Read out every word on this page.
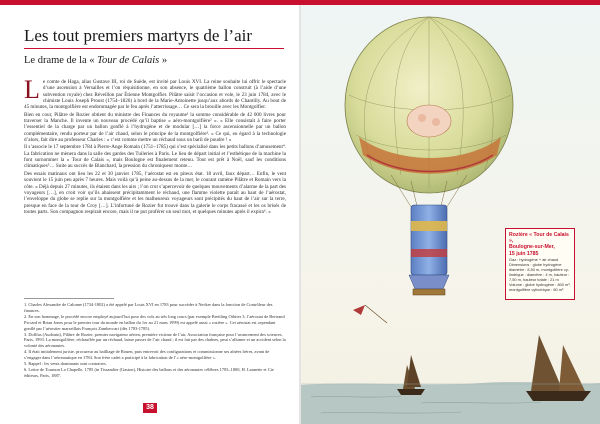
Les tout premiers martyrs de l’air
Le drame de la « Tour de Calais »

Le comte de Haga, alias Gustave III, roi de Suède, est invité par Louis XVI. La reine souhaite lui offrir le spectacle d’une ascension à Versailles et l’on réquisitionne, en son absence, le quatrième ballon construit (à l’aide d’une subvention royale) chez Réveillon par Étienne Montgolfier. Pilâtre saisit l’occasion et vole, le 23 juin 1784, avec le chimiste Louis Joseph Proust (1754–1826) à bord de la Marie-Antoinette jusqu’aux abords de Chantilly. Au bout de 45 minutes, la montgolfière est endommagée par le feu après l’atterrissage… Ce sera la brouille avec les Montgolfier.

Bien en cour, Pilâtre de Rozier obtient du ministre des Finances du royaume¹ la somme considérable de 42 000 livres pour traverser la Manche. Il invente un nouveau procédé qu’il baptise « aéro-montgolfière² ». « Elle consistait à faire porter l’essentiel de la charge par un ballon gonflé à l’hydrogène et de modular […] la force ascensionnelle par un ballon complémentaire, rendu porteur par de l’air chaud, selon le principe de la montgolfière³. » Ce qui, eu égard à la technologie d’alors, fait dire au professeur Charles : « c’est comme mettre un réchaud sous un baril de poudre ! »

Il s’associe le 17 septembre 1784 à Pierre-Ange Romain (1751–1785) qui s’est spécialisé dans les petits ballons d’amusement⁴. La fabrication ne mènera dans la salle des gardes des Tuileries à Paris. Le lieu de départ initial et l’esthétique de la machine la font surnommer la « Tour de Calais », mais Boulogne est finalement retenu. Tout est prêt à Noël, sauf les conditions climatiques⁵… Suite au succès de Blanchard, la pression du chroniqueur monte…

Des essais matinaux ont lieu les 22 et 30 janvier 1785, l’aérostat est en piteux état. 18 avril, faux départ… Enfin, le vent souvient le 15 juin peu après 7 heures. Mais voilà qu’à peine au-dessus de la mer, le courant ramène Pilâtre et Romain vers la côte. « Déjà depuis 27 minutes, ils étaient dans les airs ; l’on crut s’apercevoir de quelques mouvements d’alarme de la part des voyageurs […], en croit voir qu’ils abaissent précipitamment le réchaud, une flamme violette paraît au haut de l’aérostat, l’enveloppe du globe se replie sur la montgolfière et les malheureux voyageurs sont précipités du haut de l’air sur la terre, presque en face de la tour de Croy […]. L’infortuné de Rozier fut trouvé dans la galerie le corps fracassé et les os brisés de toutes parts. Son compagnon respirait encore, mais il ne put proférer un seul mot, et quelques minutes après il expira⁶. »

1. Charles Alexandre de Calonne (1734-1802) a été appelé par Louis XVI en 1783 pour succéder à Necker dans la fonction de Contrôleur des finances.
2. En son hommage, le procédé encore employé aujourd’hui pour des vols au très long cours (par exemple Breitling Orbiter 3, l’aérostat de Bertrand Piccard et Brian Jones pour le premier tour du monde en ballon du 1er au 21 mars 1999) est appelé aussi « rozière ». Cet aérostat est cependant gonflé par l’aérostier marseillais François Zambeccari (dès 1783-1785).
3. Dollfus (Audouin), Pilâtre de Rozier, premier navigateur aérien, première victime de l’air, Association française pour l’avancement des sciences, Paris, 1993. La montgolfière, réchauffée par un réchaud, laisse passer de l’air chaud ; il est fait par des chaînes, peut s’allumer et un accident selon la volonté des aéronautes.
4. Il était initialement juriste, procureur au bailliage de Rouen, puis entrevoit des configurations et commissionne ses aînées frères, avant de s’engager dans l’aéronautique en 1784. Son frère cadet a participé à la fabrication de l’« aéro-montgolfière ».
5. Rappel : les vents dominants sont contraires.
6. Lettre de Tournon La Chapelle, 1785 (in Tissandier (Gaston), Histoire des ballons et des aéronautes célèbres 1783–1800, H. Launette et Cie éditeurs, Paris, 1887.
38
Rozière « Tour de Calais »,
Boulogne-sur-Mer,
15 juin 1785
Gaz : hydrogène + air chaud
Dimensions : globe hydrogène
diamètre : 8,50 m, montgolfière cy-
lindrique : diamètre : 4 m, hauteur :
7,50 m, hauteur totale : 21 m
Volume : globe hydrogène : 800 m³,
montgolfière cylindrique : 80 m³
